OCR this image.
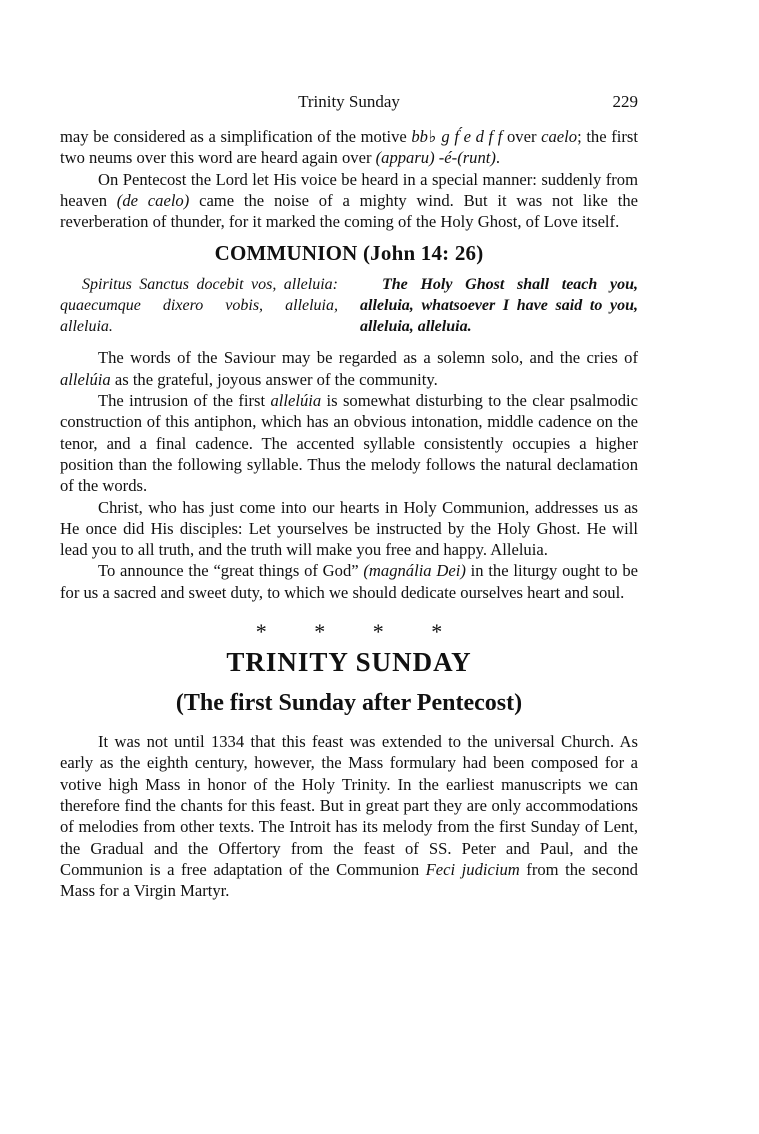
Trinity Sunday	229

may be considered as a simplification of the motive bb♭ g f́ e d f f over caelo; the first two neums over this word are heard again over (apparu) -é-(runt).

On Pentecost the Lord let His voice be heard in a special manner: suddenly from heaven (de caelo) came the noise of a mighty wind. But it was not like the reverberation of thunder, for it marked the coming of the Holy Ghost, of Love itself.

COMMUNION (John 14: 26)
Spiritus Sanctus docebit vos, alleluia: quaecumque dixero vobis, alleluia, alleluia.
The Holy Ghost shall teach you, alleluia, whatsoever I have said to you, alleluia, alleluia.

The words of the Saviour may be regarded as a solemn solo, and the cries of allelúia as the grateful, joyous answer of the community.

The intrusion of the first allelúia is somewhat disturbing to the clear psalmodic construction of this antiphon, which has an obvious intonation, middle cadence on the tenor, and a final cadence. The accented syllable consistently occupies a higher position than the following syllable. Thus the melody follows the natural declamation of the words.

Christ, who has just come into our hearts in Holy Communion, addresses us as He once did His disciples: Let yourselves be instructed by the Holy Ghost. He will lead you to all truth, and the truth will make you free and happy. Alleluia.

To announce the “great things of God” (magnália Dei) in the liturgy ought to be for us a sacred and sweet duty, to which we should dedicate ourselves heart and soul.

* * * *
TRINITY SUNDAY
(The first Sunday after Pentecost)

It was not until 1334 that this feast was extended to the universal Church. As early as the eighth century, however, the Mass formulary had been composed for a votive high Mass in honor of the Holy Trinity. In the earliest manuscripts we can therefore find the chants for this feast. But in great part they are only accommodations of melodies from other texts. The Introit has its melody from the first Sunday of Lent, the Gradual and the Offertory from the feast of SS. Peter and Paul, and the Communion is a free adaptation of the Communion Feci judicium from the second Mass for a Virgin Martyr.
